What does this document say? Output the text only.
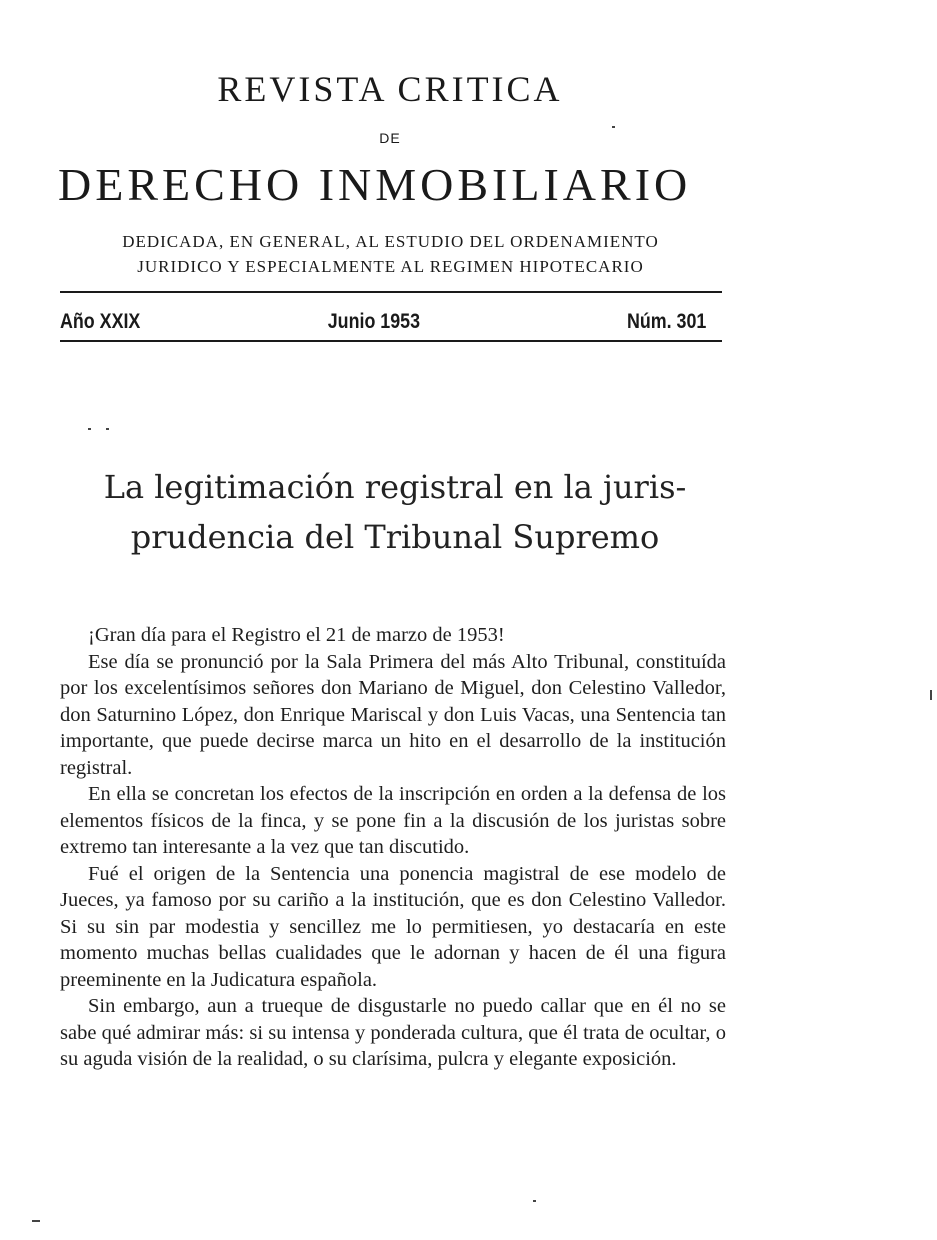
REVISTA CRITICA
DE
DERECHO INMOBILIARIO
DEDICADA, EN GENERAL, AL ESTUDIO DEL ORDENAMIENTO
JURIDICO Y ESPECIALMENTE AL REGIMEN HIPOTECARIO
Año XXIX	Junio 1953	Núm. 301
La legitimación registral en la juris-
prudencia del Tribunal Supremo

¡Gran día para el Registro el 21 de marzo de 1953!

Ese día se pronunció por la Sala Primera del más Alto Tribunal, constituída por los excelentísimos señores don Mariano de Miguel, don Celestino Valledor, don Saturnino López, don Enrique Mariscal y don Luis Vacas, una Sentencia tan importante, que puede decirse marca un hito en el desarrollo de la institución registral.

En ella se concretan los efectos de la inscripción en orden a la defensa de los elementos físicos de la finca, y se pone fin a la discusión de los juristas sobre extremo tan interesante a la vez que tan discutido.

Fué el origen de la Sentencia una ponencia magistral de ese modelo de Jueces, ya famoso por su cariño a la institución, que es don Celestino Valledor. Si su sin par modestia y sencillez me lo permitiesen, yo destacaría en este momento muchas bellas cualidades que le adornan y hacen de él una figura preeminente en la Judicatura española.

Sin embargo, aun a trueque de disgustarle no puedo callar que en él no se sabe qué admirar más: si su intensa y ponderada cultura, que él trata de ocultar, o su aguda visión de la realidad, o su clarísima, pulcra y elegante exposición.
